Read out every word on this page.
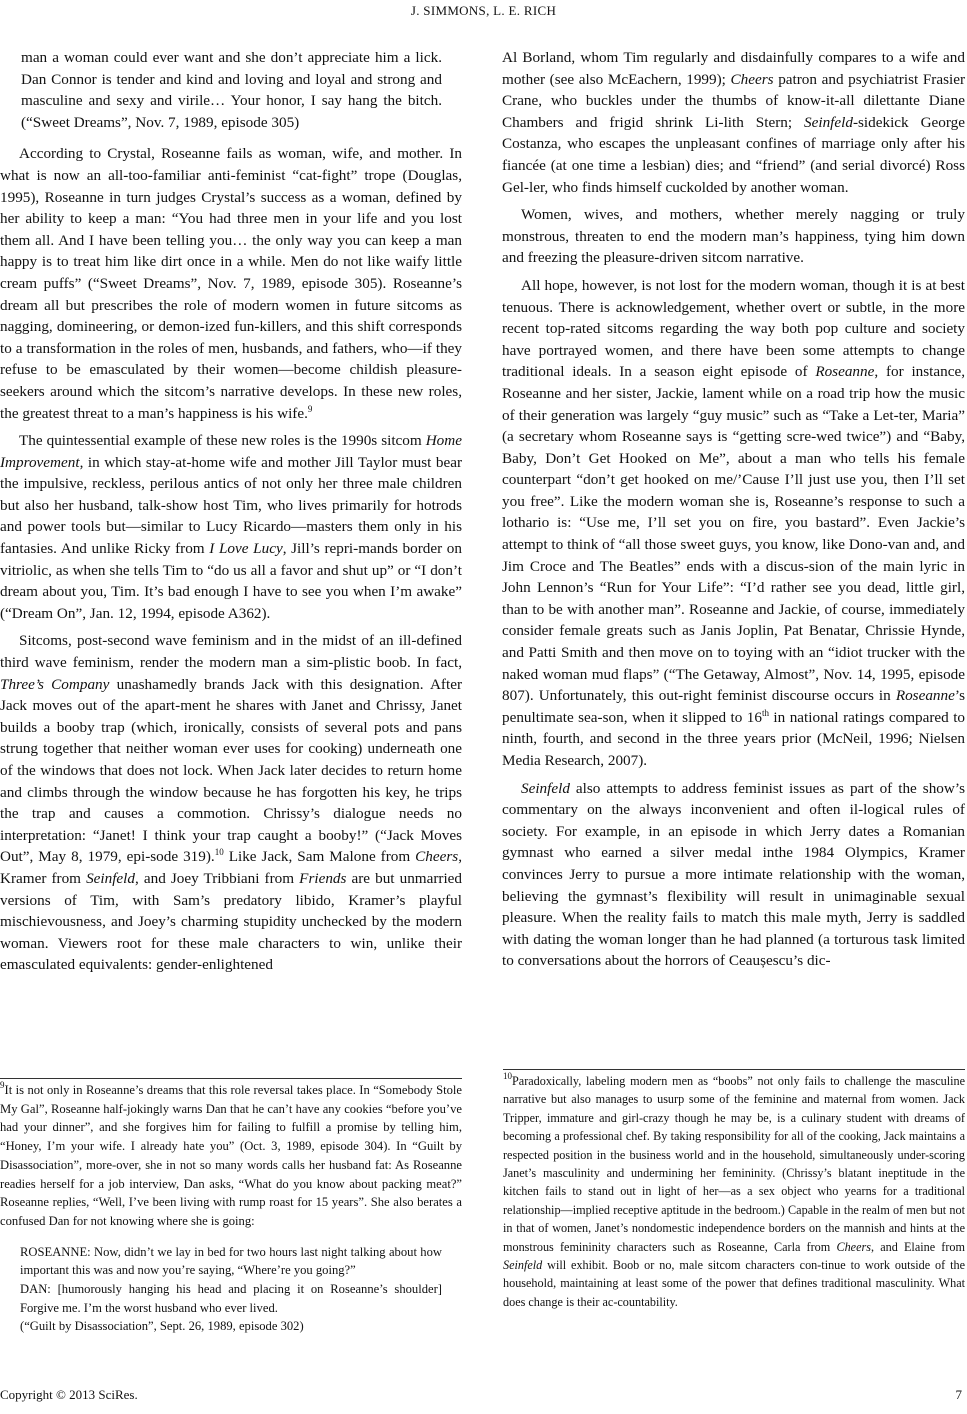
J. SIMMONS, L. E. RICH

man a woman could ever want and she don’t appreciate him a lick. Dan Connor is tender and kind and loving and loyal and strong and masculine and sexy and virile… Your honor, I say hang the bitch. (“Sweet Dreams”, Nov. 7, 1989, episode 305)

According to Crystal, Roseanne fails as woman, wife, and mother. In what is now an all-too-familiar anti-feminist “cat-fight” trope (Douglas, 1995), Roseanne in turn judges Crystal’s success as a woman, defined by her ability to keep a man: “You had three men in your life and you lost them all. And I have been telling you… the only way you can keep a man happy is to treat him like dirt once in a while. Men do not like waify little cream puffs” (“Sweet Dreams”, Nov. 7, 1989, episode 305). Roseanne’s dream all but prescribes the role of modern women in future sitcoms as nagging, domineering, or demon-ized fun-killers, and this shift corresponds to a transformation in the roles of men, husbands, and fathers, who—if they refuse to be emasculated by their women—become childish pleasure-seekers around which the sitcom’s narrative develops. In these new roles, the greatest threat to a man’s happiness is his wife.$^9$

The quintessential example of these new roles is the 1990s sitcom Home Improvement, in which stay-at-home wife and mother Jill Taylor must bear the impulsive, reckless, perilous antics of not only her three male children but also her husband, talk-show host Tim, who lives primarily for hotrods and power tools but—similar to Lucy Ricardo—masters them only in his fantasies. And unlike Ricky from I Love Lucy, Jill’s repri-mands border on vitriolic, as when she tells Tim to “do us all a favor and shut up” or “I don’t dream about you, Tim. It’s bad enough I have to see you when I’m awake” (“Dream On”, Jan. 12, 1994, episode A362).

Sitcoms, post-second wave feminism and in the midst of an ill-defined third wave feminism, render the modern man a sim-plistic boob. In fact, Three’s Company unashamedly brands Jack with this designation. After Jack moves out of the apart-ment he shares with Janet and Chrissy, Janet builds a booby trap (which, ironically, consists of several pots and pans strung together that neither woman ever uses for cooking) underneath one of the windows that does not lock. When Jack later decides to return home and climbs through the window because he has forgotten his key, he trips the trap and causes a commotion. Chrissy’s dialogue needs no interpretation: “Janet! I think your trap caught a booby!” (“Jack Moves Out”, May 8, 1979, epi-sode 319).$^{10}$ Like Jack, Sam Malone from Cheers, Kramer from Seinfeld, and Joey Tribbiani from Friends are but unmarried versions of Tim, with Sam’s predatory libido, Kramer’s playful mischievousness, and Joey’s charming stupidity unchecked by the modern woman. Viewers root for these male characters to win, unlike their emasculated equivalents: gender-enlightened

Al Borland, whom Tim regularly and disdainfully compares to a wife and mother (see also McEachern, 1999); Cheers patron and psychiatrist Frasier Crane, who buckles under the thumbs of know-it-all dilettante Diane Chambers and frigid shrink Li-lith Stern; Seinfeld-sidekick George Costanza, who escapes the unpleasant confines of marriage only after his fiancée (at one time a lesbian) dies; and “friend” (and serial divorcé) Ross Gel-ler, who finds himself cuckolded by another woman.

Women, wives, and mothers, whether merely nagging or truly monstrous, threaten to end the modern man’s happiness, tying him down and freezing the pleasure-driven sitcom narrative.

All hope, however, is not lost for the modern woman, though it is at best tenuous. There is acknowledgement, whether overt or subtle, in the more recent top-rated sitcoms regarding the way both pop culture and society have portrayed women, and there have been some attempts to change traditional ideals. In a season eight episode of Roseanne, for instance, Roseanne and her sister, Jackie, lament while on a road trip how the music of their generation was largely “guy music” such as “Take a Let-ter, Maria” (a secretary whom Roseanne says is “getting scre-wed twice”) and “Baby, Baby, Don’t Get Hooked on Me”, about a man who tells his female counterpart “don’t get hooked on me/’Cause I’ll just use you, then I’ll set you free”. Like the modern woman she is, Roseanne’s response to such a lothario is: “Use me, I’ll set you on fire, you bastard”. Even Jackie’s attempt to think of “all those sweet guys, you know, like Dono-van and, and Jim Croce and The Beatles” ends with a discus-sion of the main lyric in John Lennon’s “Run for Your Life”: “I’d rather see you dead, little girl, than to be with another man”. Roseanne and Jackie, of course, immediately consider female greats such as Janis Joplin, Pat Benatar, Chrissie Hynde, and Patti Smith and then move on to toying with an “idiot trucker with the naked woman mud flaps” (“The Getaway, Almost”, Nov. 14, 1995, episode 807). Unfortunately, this out-right feminist discourse occurs in Roseanne’s penultimate sea-son, when it slipped to 16th in national ratings compared to ninth, fourth, and second in the three years prior (McNeil, 1996; Nielsen Media Research, 2007).

Seinfeld also attempts to address feminist issues as part of the show’s commentary on the always inconvenient and often il-logical rules of society. For example, in an episode in which Jerry dates a Romanian gymnast who earned a silver medal inthe 1984 Olympics, Kramer convinces Jerry to pursue a more intimate relationship with the woman, believing the gymnast’s flexibility will result in unimaginable sexual pleasure. When the reality fails to match this male myth, Jerry is saddled with dating the woman longer than he had planned (a torturous task limited to conversations about the horrors of Ceaușescu’s dic-

$^9$It is not only in Roseanne’s dreams that this role reversal takes place. In “Somebody Stole My Gal”, Roseanne half-jokingly warns Dan that he can’t have any cookies “before you’ve had your dinner”, and she forgives him for failing to fulfill a promise by telling him, “Honey, I’m your wife. I already hate you” (Oct. 3, 1989, episode 304). In “Guilt by Disassociation”, more-over, she in not so many words calls her husband fat: As Roseanne readies herself for a job interview, Dan asks, “What do you know about packing meat?” Roseanne replies, “Well, I’ve been living with rump roast for 15 years”. She also berates a confused Dan for not knowing where she is going:
ROSEANNE: Now, didn’t we lay in bed for two hours last night talking about how important this was and now you’re saying, “Where’re you going?”
DAN: [humorously hanging his head and placing it on Roseanne’s shoulder] Forgive me. I’m the worst husband who ever lived.
(“Guilt by Disassociation”, Sept. 26, 1989, episode 302)
$^{10}$Paradoxically, labeling modern men as “boobs” not only fails to challenge the masculine narrative but also manages to usurp some of the feminine and maternal from women. Jack Tripper, immature and girl-crazy though he may be, is a culinary student with dreams of becoming a professional chef. By taking responsibility for all of the cooking, Jack maintains a respected position in the business world and in the household, simultaneously under-scoring Janet’s masculinity and undermining her femininity. (Chrissy’s blatant ineptitude in the kitchen fails to stand out in light of her—as a sex object who yearns for a traditional relationship—implied receptive aptitude in the bedroom.) Capable in the realm of men but not in that of women, Janet’s nondomestic independence borders on the mannish and hints at the monstrous femininity characters such as Roseanne, Carla from Cheers, and Elaine from Seinfeld will exhibit. Boob or no, male sitcom characters con-tinue to work outside of the household, maintaining at least some of the power that defines traditional masculinity. What does change is their ac-countability.
Copyright © 2013 SciRes.	7
